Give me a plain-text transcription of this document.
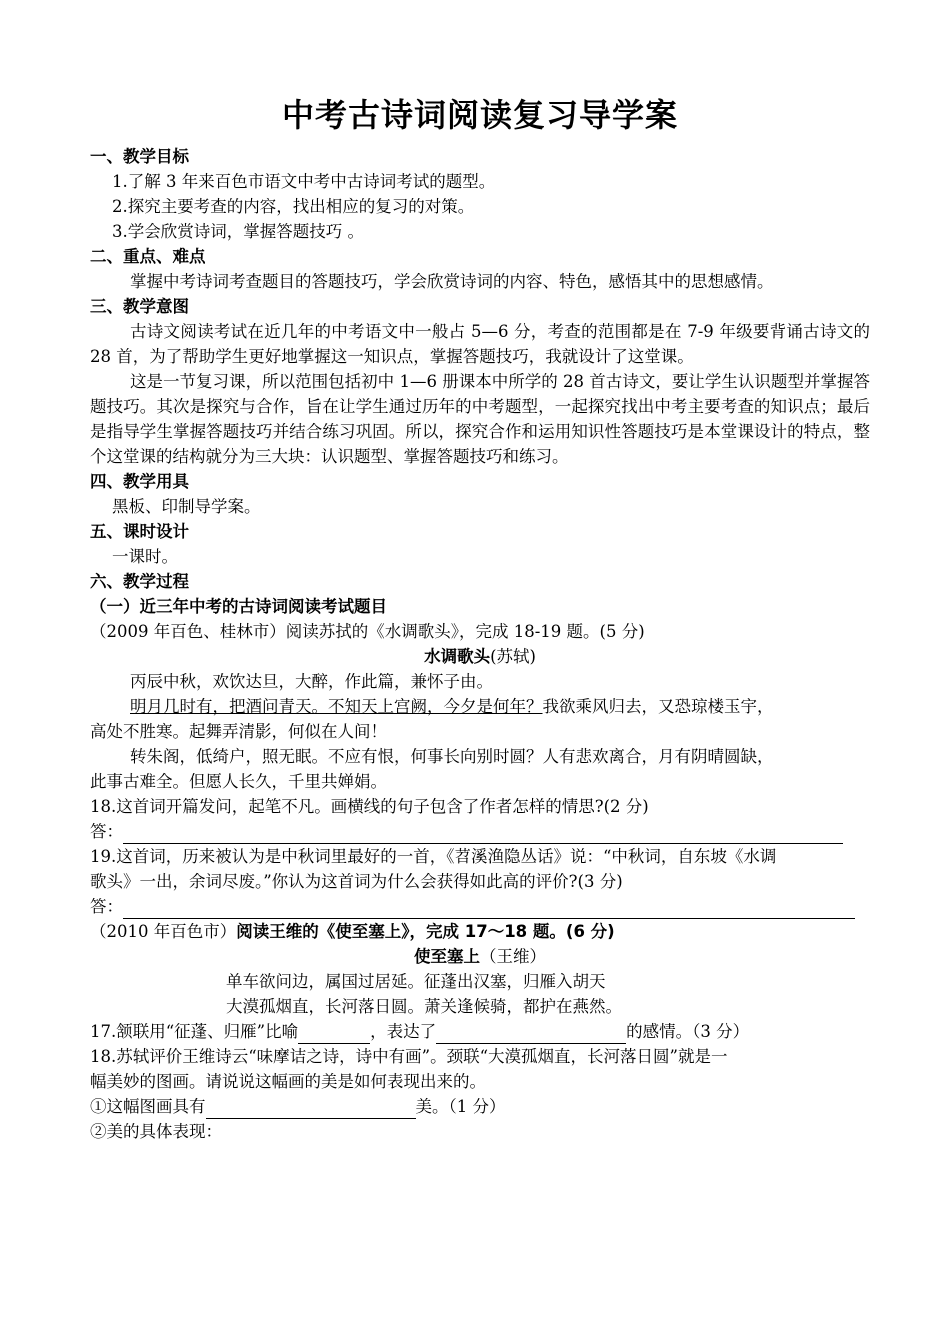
中考古诗词阅读复习导学案
一、教学目标
1.了解 3 年来百色市语文中考中古诗词考试的题型。
2.探究主要考查的内容，找出相应的复习的对策。
3.学会欣赏诗词，掌握答题技巧 。
二、重点、难点
掌握中考诗词考查题目的答题技巧，学会欣赏诗词的内容、特色，感悟其中的思想感情。
三、教学意图
古诗文阅读考试在近几年的中考语文中一般占 5—6 分，考查的范围都是在 7-9 年级要背诵古诗文的 28 首，为了帮助学生更好地掌握这一知识点，掌握答题技巧，我就设计了这堂课。
这是一节复习课，所以范围包括初中 1—6 册课本中所学的 28 首古诗文，要让学生认识题型并掌握答题技巧。其次是探究与合作，旨在让学生通过历年的中考题型，一起探究找出中考主要考查的知识点；最后是指导学生掌握答题技巧并结合练习巩固。所以，探究合作和运用知识性答题技巧是本堂课设计的特点，整个这堂课的结构就分为三大块：认识题型、掌握答题技巧和练习。
四、教学用具
黑板、印制导学案。
五、课时设计
一课时。
六、教学过程
（一）近三年中考的古诗词阅读考试题目
（2009 年百色、桂林市）阅读苏拭的《水调歌头》，完成 18-19 题。(5 分)
水调歌头(苏轼)
丙辰中秋，欢饮达旦，大醉，作此篇，兼怀子由。
明月几时有，把酒问青天。不知天上宫阙，今夕是何年？我欲乘风归去，又恐琼楼玉宇，
高处不胜寒。起舞弄清影，何似在人间！
转朱阁，低绮户，照无眠。不应有恨，何事长向别时圆？人有悲欢离合，月有阴晴圆缺，
此事古难全。但愿人长久，千里共婵娟。
18.这首词开篇发问，起笔不凡。画横线的句子包含了作者怎样的情思?(2 分)
答：
19.这首词，历来被认为是中秋词里最好的一首，《苕溪渔隐丛话》说：“中秋词，自东坡《水调
歌头》一出，余词尽废。”你认为这首词为什么会获得如此高的评价?(3 分)
答：
（2010 年百色市）阅读王维的《使至塞上》，完成 17～18 题。(6 分)
使至塞上（王维）
单车欲问边，属国过居延。征蓬出汉塞，归雁入胡天
大漠孤烟直，长河落日圆。萧关逢候骑，都护在燕然。
17.颔联用“征蓬、归雁”比喻	，表达了	的感情。（3 分）
18.苏轼评价王维诗云“味摩诘之诗，诗中有画”。颈联“大漠孤烟直，长河落日圆”就是一
幅美妙的图画。请说说这幅画的美是如何表现出来的。
①这幅图画具有	美。（1 分）
②美的具体表现：
